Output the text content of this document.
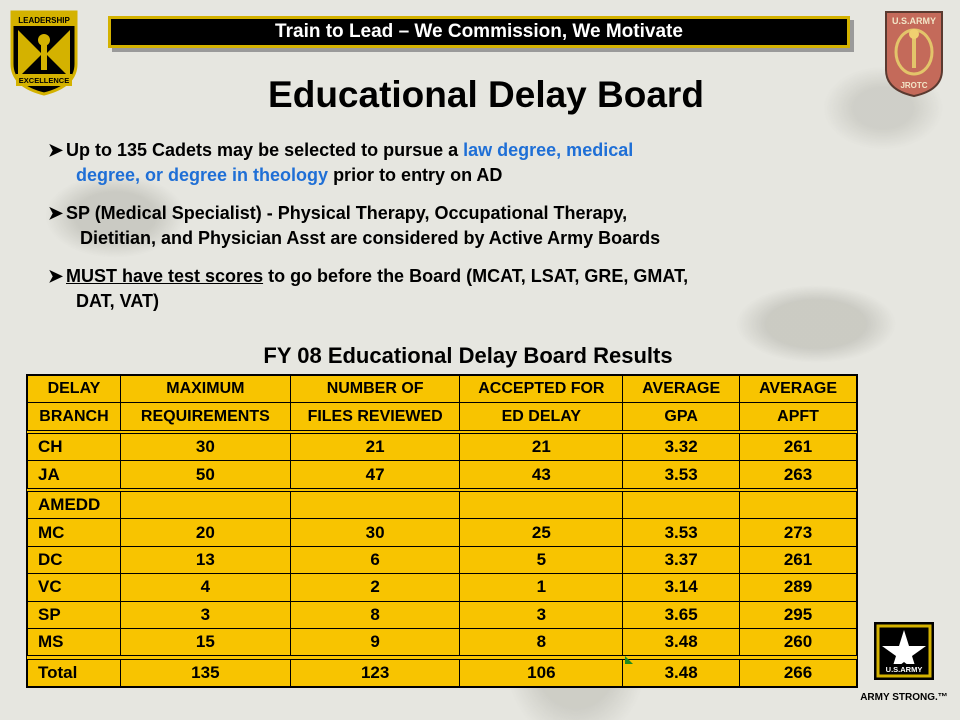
Train to Lead – We Commission, We Motivate
LEADERSHIP
EXCELLENCE
U.S.ARMY
JROTC
Educational Delay Board
➤ Up to 135 Cadets may be selected to pursue a law degree, medical
degree, or degree in theology prior to entry on AD
➤ SP (Medical Specialist) - Physical Therapy, Occupational Therapy,
Dietitian, and Physician Asst are considered by Active Army Boards
➤ MUST have test scores to go before the Board (MCAT, LSAT, GRE, GMAT,
DAT, VAT)
FY 08 Educational Delay Board Results
DELAY	MAXIMUM	NUMBER OF	ACCEPTED FOR	AVERAGE	AVERAGE
BRANCH	REQUIREMENTS	FILES REVIEWED	ED DELAY	GPA	APFT

CH	30	21	21	3.32	261
JA	50	47	43	3.53	263

AMEDD					
MC	20	30	25	3.53	273
DC	13	6	5	3.37	261
VC	4	2	1	3.14	289
SP	3	8	3	3.65	295
MS	15	9	8	3.48	260

Total	135	123	106	3.48	266	U.S.ARMY
ARMY STRONG.™
